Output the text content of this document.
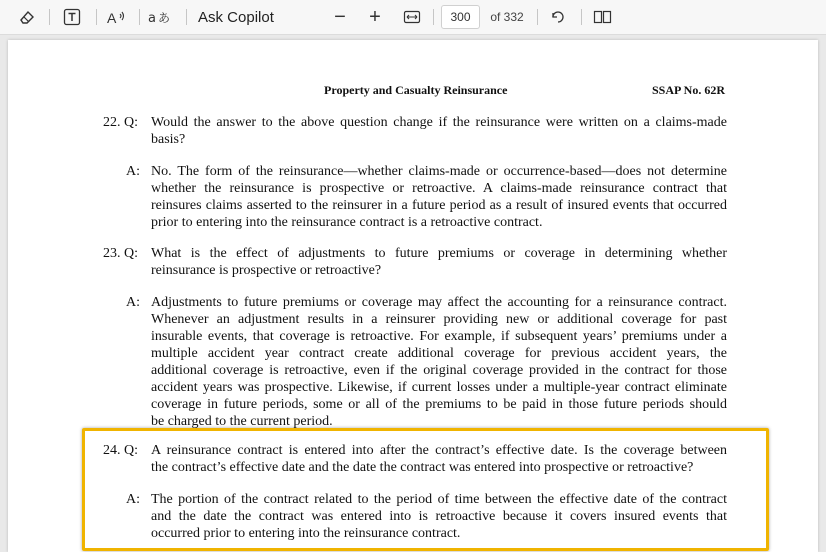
A a あ Ask Copilot	− +	300	of 332
Property and Casualty Reinsurance	SSAP No. 62R
22. Q: Would the answer to the above question change if the reinsurance were written on a claims-made
basis?
A: No. The form of the reinsurance—whether claims-made or occurrence-based—does not determine
whether the reinsurance is prospective or retroactive. A claims-made reinsurance contract that
reinsures claims asserted to the reinsurer in a future period as a result of insured events that occurred
prior to entering into the reinsurance contract is a retroactive contract.
23. Q: What is the effect of adjustments to future premiums or coverage in determining whether
reinsurance is prospective or retroactive?
A: Adjustments to future premiums or coverage may affect the accounting for a reinsurance contract.
Whenever an adjustment results in a reinsurer providing new or additional coverage for past
insurable events, that coverage is retroactive. For example, if subsequent years’ premiums under a
multiple accident year contract create additional coverage for previous accident years, the
additional coverage is retroactive, even if the original coverage provided in the contract for those
accident years was prospective. Likewise, if current losses under a multiple-year contract eliminate
coverage in future periods, some or all of the premiums to be paid in those future periods should
be charged to the current period.
24. Q: A reinsurance contract is entered into after the contract’s effective date. Is the coverage between
the contract’s effective date and the date the contract was entered into prospective or retroactive?
A: The portion of the contract related to the period of time between the effective date of the contract
and the date the contract was entered into is retroactive because it covers insured events that
occurred prior to entering into the reinsurance contract.
